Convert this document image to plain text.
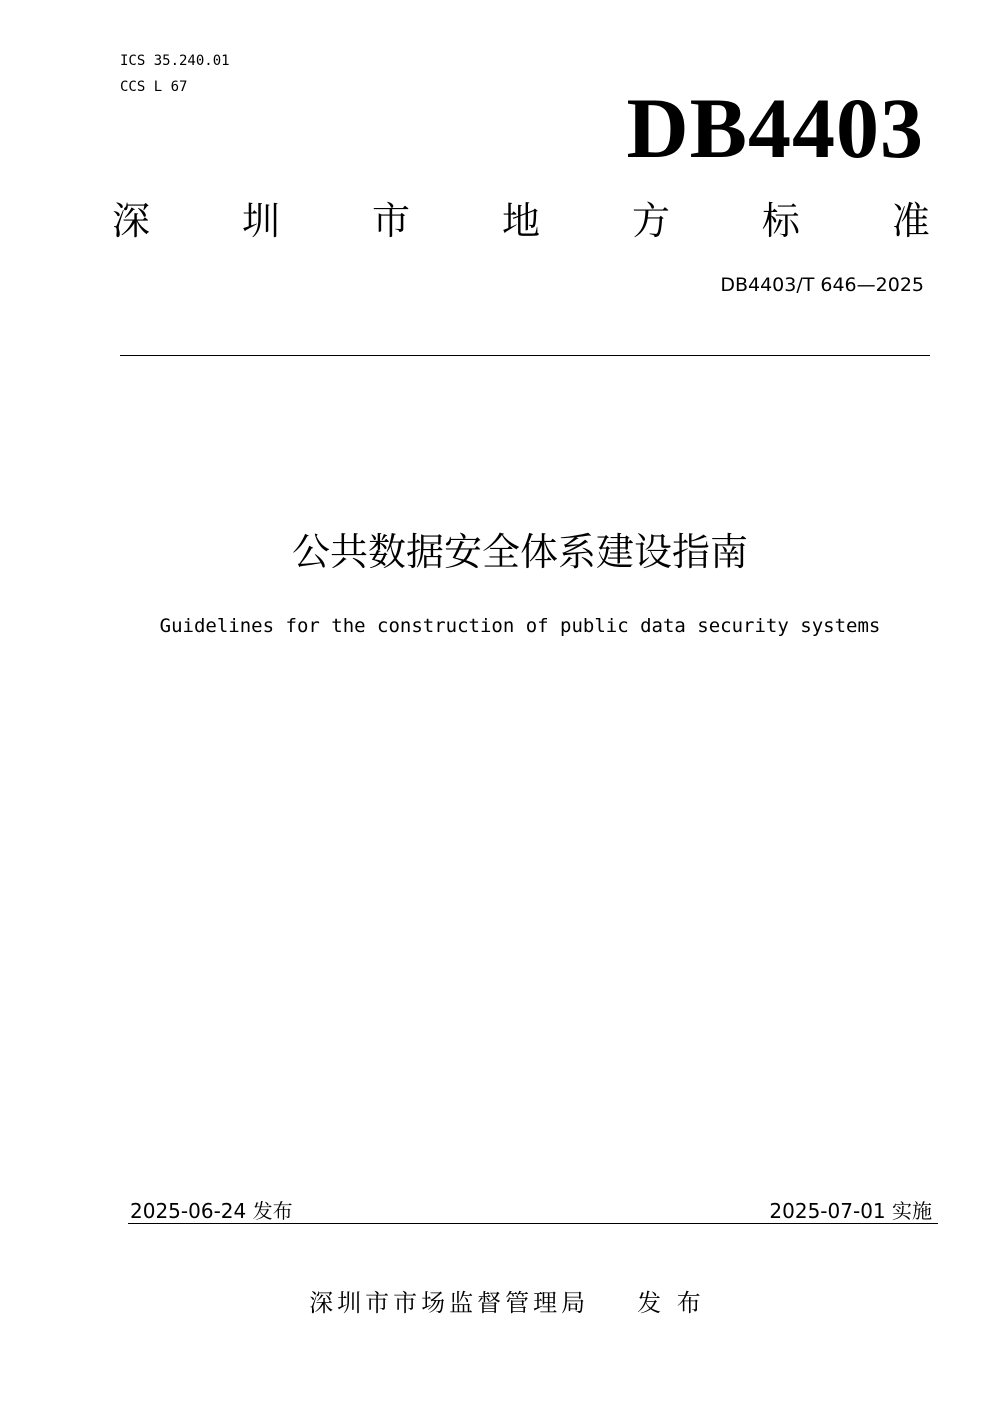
ICS 35.240.01
CCS L 67	DB4403
深 圳 市 地 方 标 准
DB4403/T 646—2025
公共数据安全体系建设指南
Guidelines for the construction of public data security systems
2025-06-24 发布	2025-07-01 实施
深圳市市场监督管理局 发 布
